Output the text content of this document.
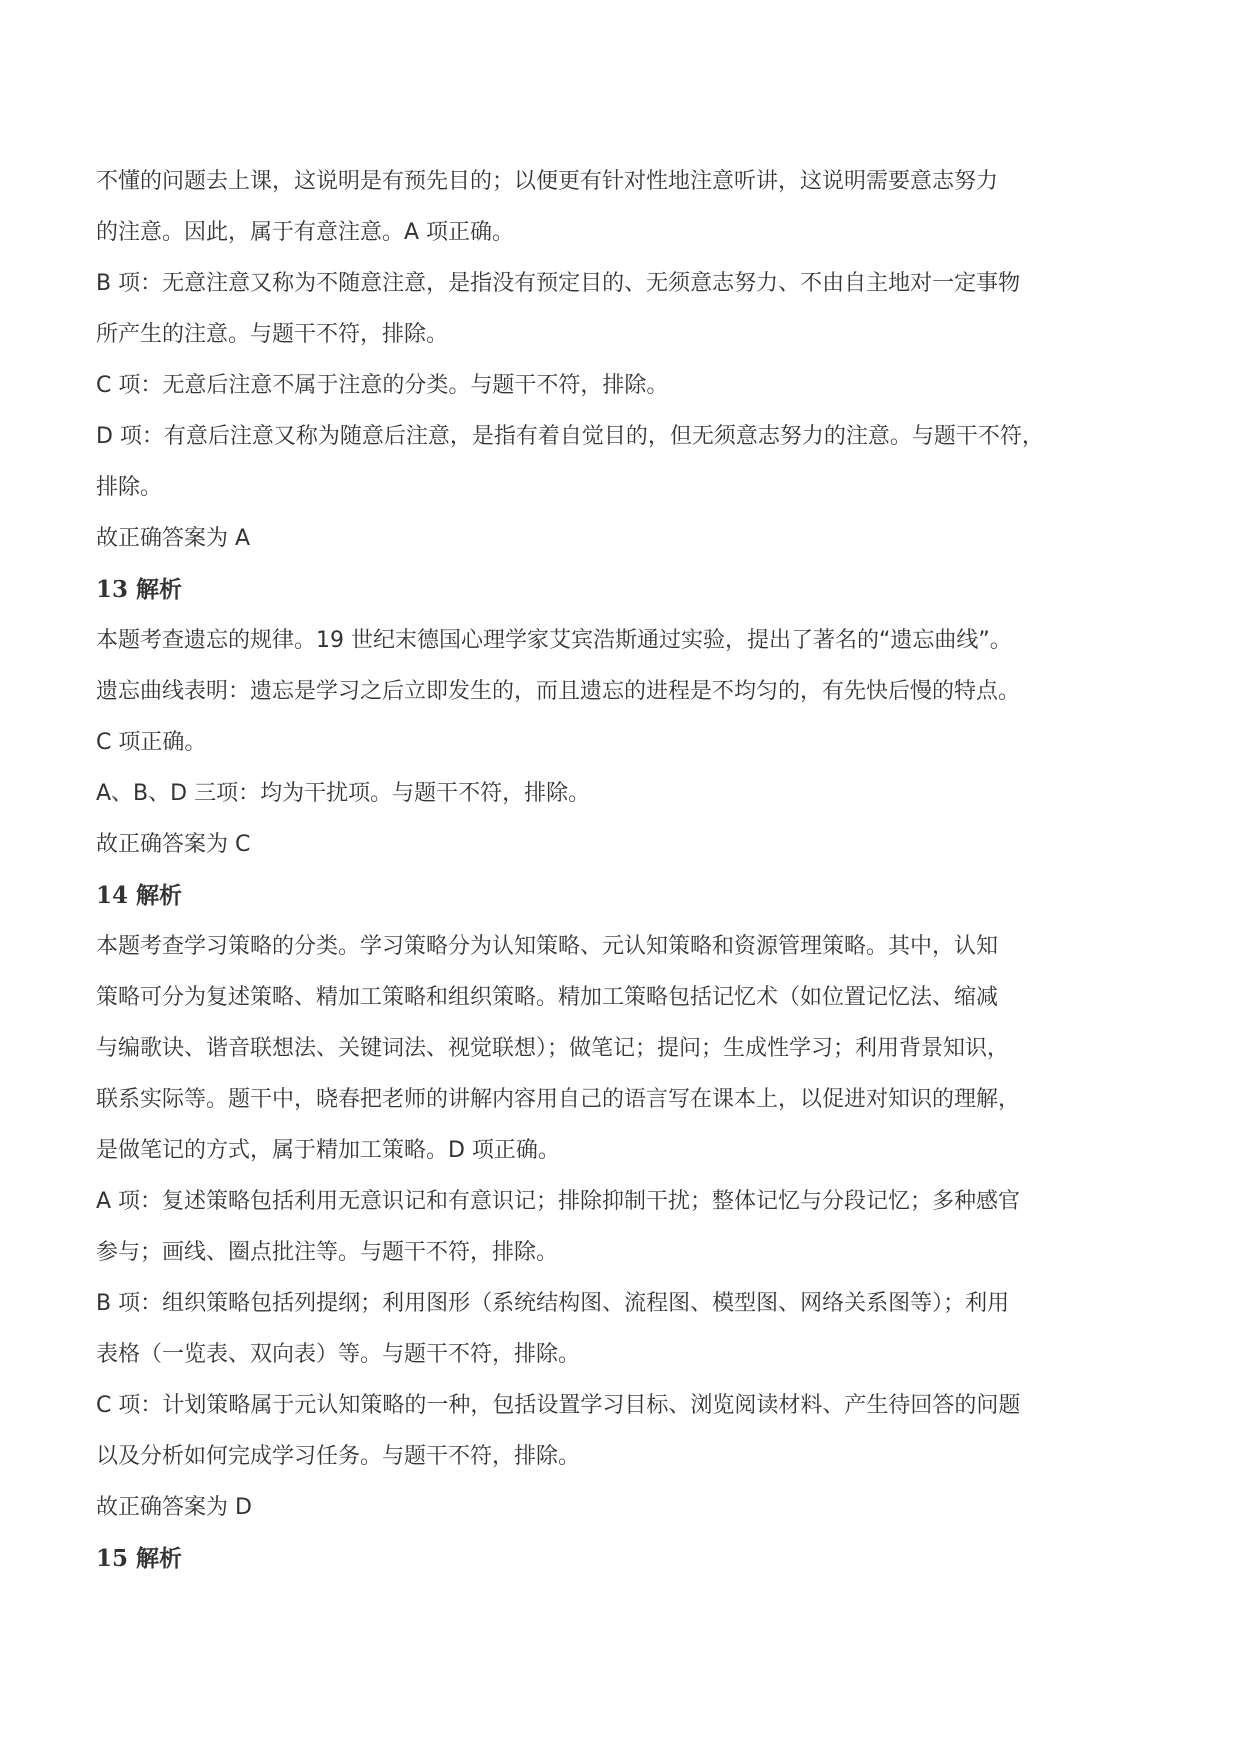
不懂的问题去上课，这说明是有预先目的；以便更有针对性地注意听讲，这说明需要意志努力
的注意。因此，属于有意注意。A 项正确。
B 项：无意注意又称为不随意注意，是指没有预定目的、无须意志努力、不由自主地对一定事物
所产生的注意。与题干不符，排除。
C 项：无意后注意不属于注意的分类。与题干不符，排除。
D 项：有意后注意又称为随意后注意，是指有着自觉目的，但无须意志努力的注意。与题干不符，
排除。
故正确答案为 A
13 解析
本题考查遗忘的规律。19 世纪末德国心理学家艾宾浩斯通过实验，提出了著名的“遗忘曲线”。
遗忘曲线表明：遗忘是学习之后立即发生的，而且遗忘的进程是不均匀的，有先快后慢的特点。
C 项正确。
A、B、D 三项：均为干扰项。与题干不符，排除。
故正确答案为 C
14 解析
本题考查学习策略的分类。学习策略分为认知策略、元认知策略和资源管理策略。其中，认知
策略可分为复述策略、精加工策略和组织策略。精加工策略包括记忆术（如位置记忆法、缩减
与编歌诀、谐音联想法、关键词法、视觉联想）；做笔记；提问；生成性学习；利用背景知识，
联系实际等。题干中，晓春把老师的讲解内容用自己的语言写在课本上，以促进对知识的理解，
是做笔记的方式，属于精加工策略。D 项正确。
A 项：复述策略包括利用无意识记和有意识记；排除抑制干扰；整体记忆与分段记忆；多种感官
参与；画线、圈点批注等。与题干不符，排除。
B 项：组织策略包括列提纲；利用图形（系统结构图、流程图、模型图、网络关系图等）；利用
表格（一览表、双向表）等。与题干不符，排除。
C 项：计划策略属于元认知策略的一种，包括设置学习目标、浏览阅读材料、产生待回答的问题
以及分析如何完成学习任务。与题干不符，排除。
故正确答案为 D
15 解析
